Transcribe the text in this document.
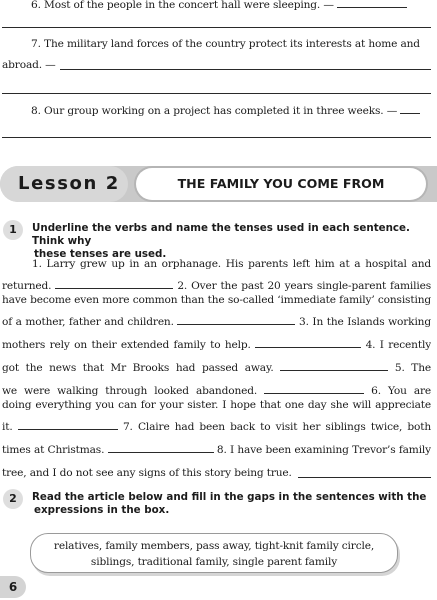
6. Most of the people in the concert hall were sleeping. —
7. The military land forces of the country protect its interests at home and
abroad. —
8. Our group working on a project has completed it in three weeks. —
Lesson 2	THE FAMILY YOU COME FROM
1	Underline the verbs and name the tenses used in each sentence. Think why
these tenses are used.
1. Larry grew up in an orphanage. His parents left him at a hospital and
returned.	2. Over the past 20 years single-parent families
have become even more common than the so-called ‘immediate family’ consisting
of a mother, father and children.	3. In the Islands working
mothers rely on their extended family to help.	4. I recently
got the news that Mr Brooks had passed away.	5. The
we were walking through looked abandoned.	6. You are
doing everything you can for your sister. I hope that one day she will appreciate
it.	7. Claire had been back to visit her siblings twice, both
times at Christmas.	8. I have been examining Trevor’s family
tree, and I do not see any signs of this story being true.
2	Read the article below and fill in the gaps in the sentences with the
expressions in the box.
relatives, family members, pass away, tight-knit family circle,
siblings, traditional family, single parent family
6
